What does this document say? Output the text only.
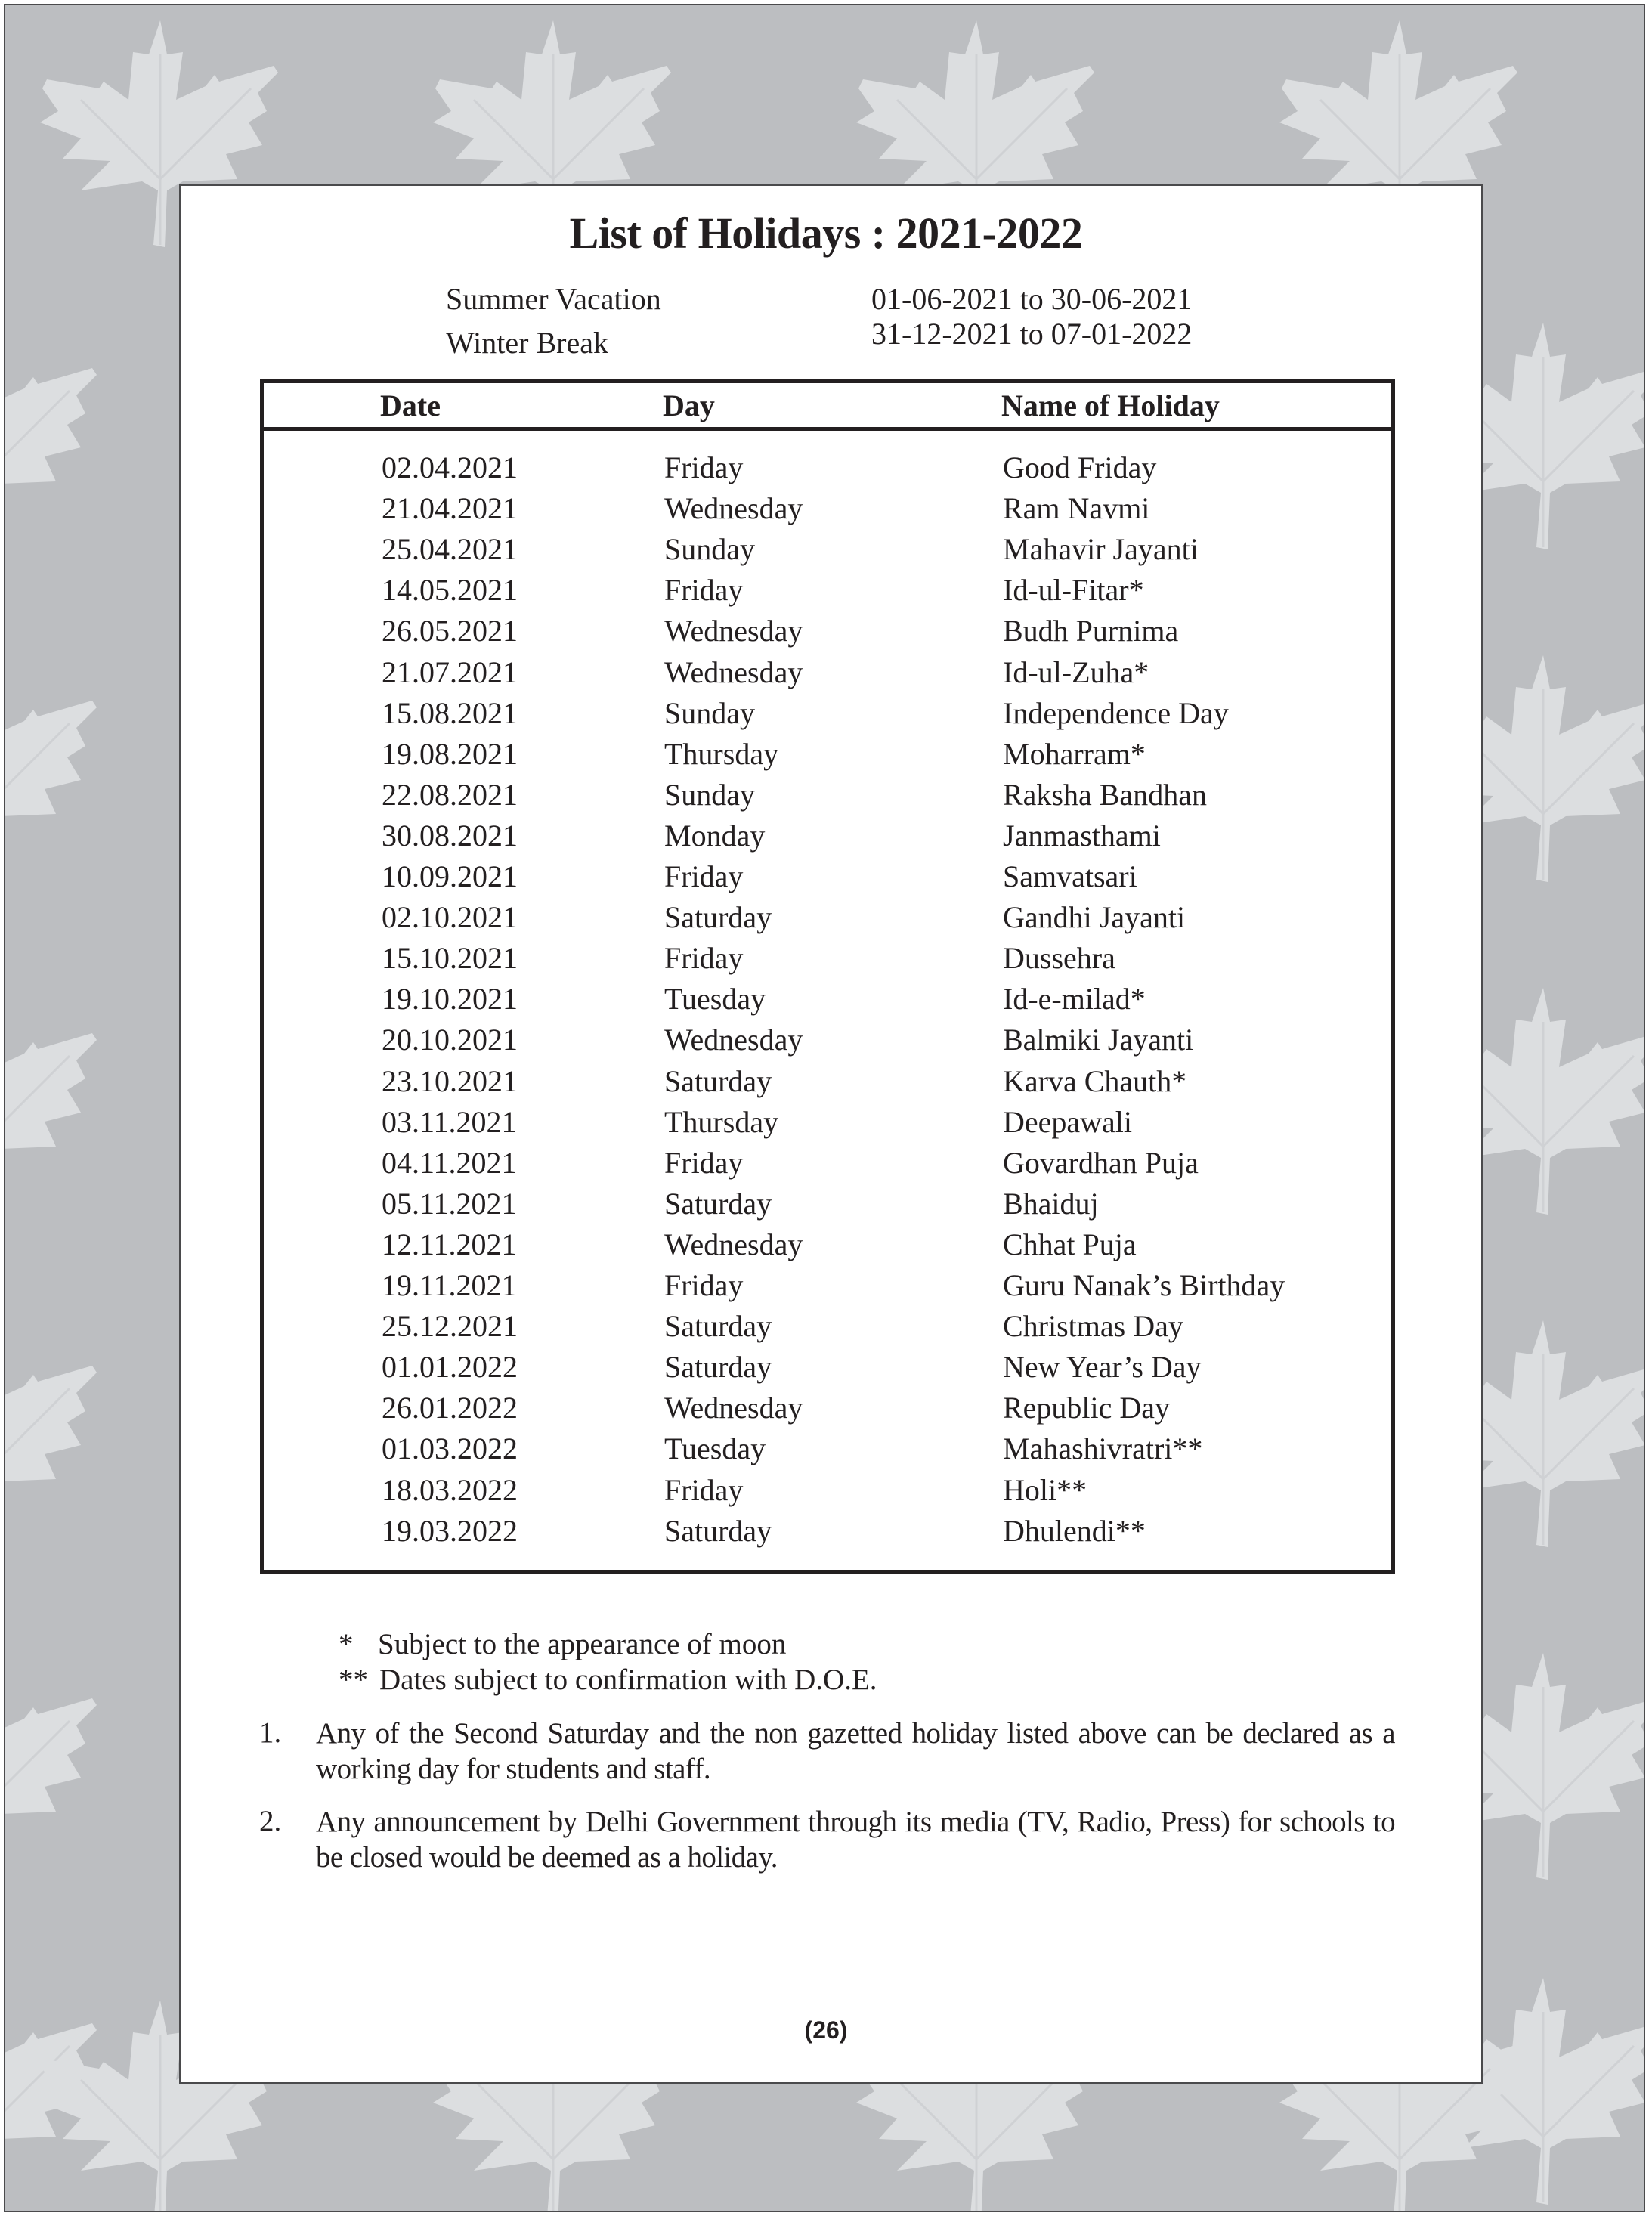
List of Holidays : 2021-2022
Summer Vacation	01-06-2021 to 30-06-2021
Winter Break	31-12-2021 to 07-01-2022
Date	Day	Name of Holiday
02.04.2021	Friday	Good Friday
21.04.2021	Wednesday	Ram Navmi
25.04.2021	Sunday	Mahavir Jayanti
14.05.2021	Friday	Id-ul-Fitar*
26.05.2021	Wednesday	Budh Purnima
21.07.2021	Wednesday	Id-ul-Zuha*
15.08.2021	Sunday	Independence Day
19.08.2021	Thursday	Moharram*
22.08.2021	Sunday	Raksha Bandhan
30.08.2021	Monday	Janmasthami
10.09.2021	Friday	Samvatsari
02.10.2021	Saturday	Gandhi Jayanti
15.10.2021	Friday	Dussehra
19.10.2021	Tuesday	Id-e-milad*
20.10.2021	Wednesday	Balmiki Jayanti
23.10.2021	Saturday	Karva Chauth*
03.11.2021	Thursday	Deepawali
04.11.2021	Friday	Govardhan Puja
05.11.2021	Saturday	Bhaiduj
12.11.2021	Wednesday	Chhat Puja
19.11.2021	Friday	Guru Nanak’s Birthday
25.12.2021	Saturday	Christmas Day
01.01.2022	Saturday	New Year’s Day
26.01.2022	Wednesday	Republic Day
01.03.2022	Tuesday	Mahashivratri**
18.03.2022	Friday	Holi**
19.03.2022	Saturday	Dhulendi**
* Subject to the appearance of moon
** Dates subject to confirmation with D.O.E.
1. Any of the Second Saturday and the non gazetted holiday listed above can be declared as a working day for students and staff.
2. Any announcement by Delhi Government through its media (TV, Radio, Press) for schools to be closed would be deemed as a holiday.
(26)
